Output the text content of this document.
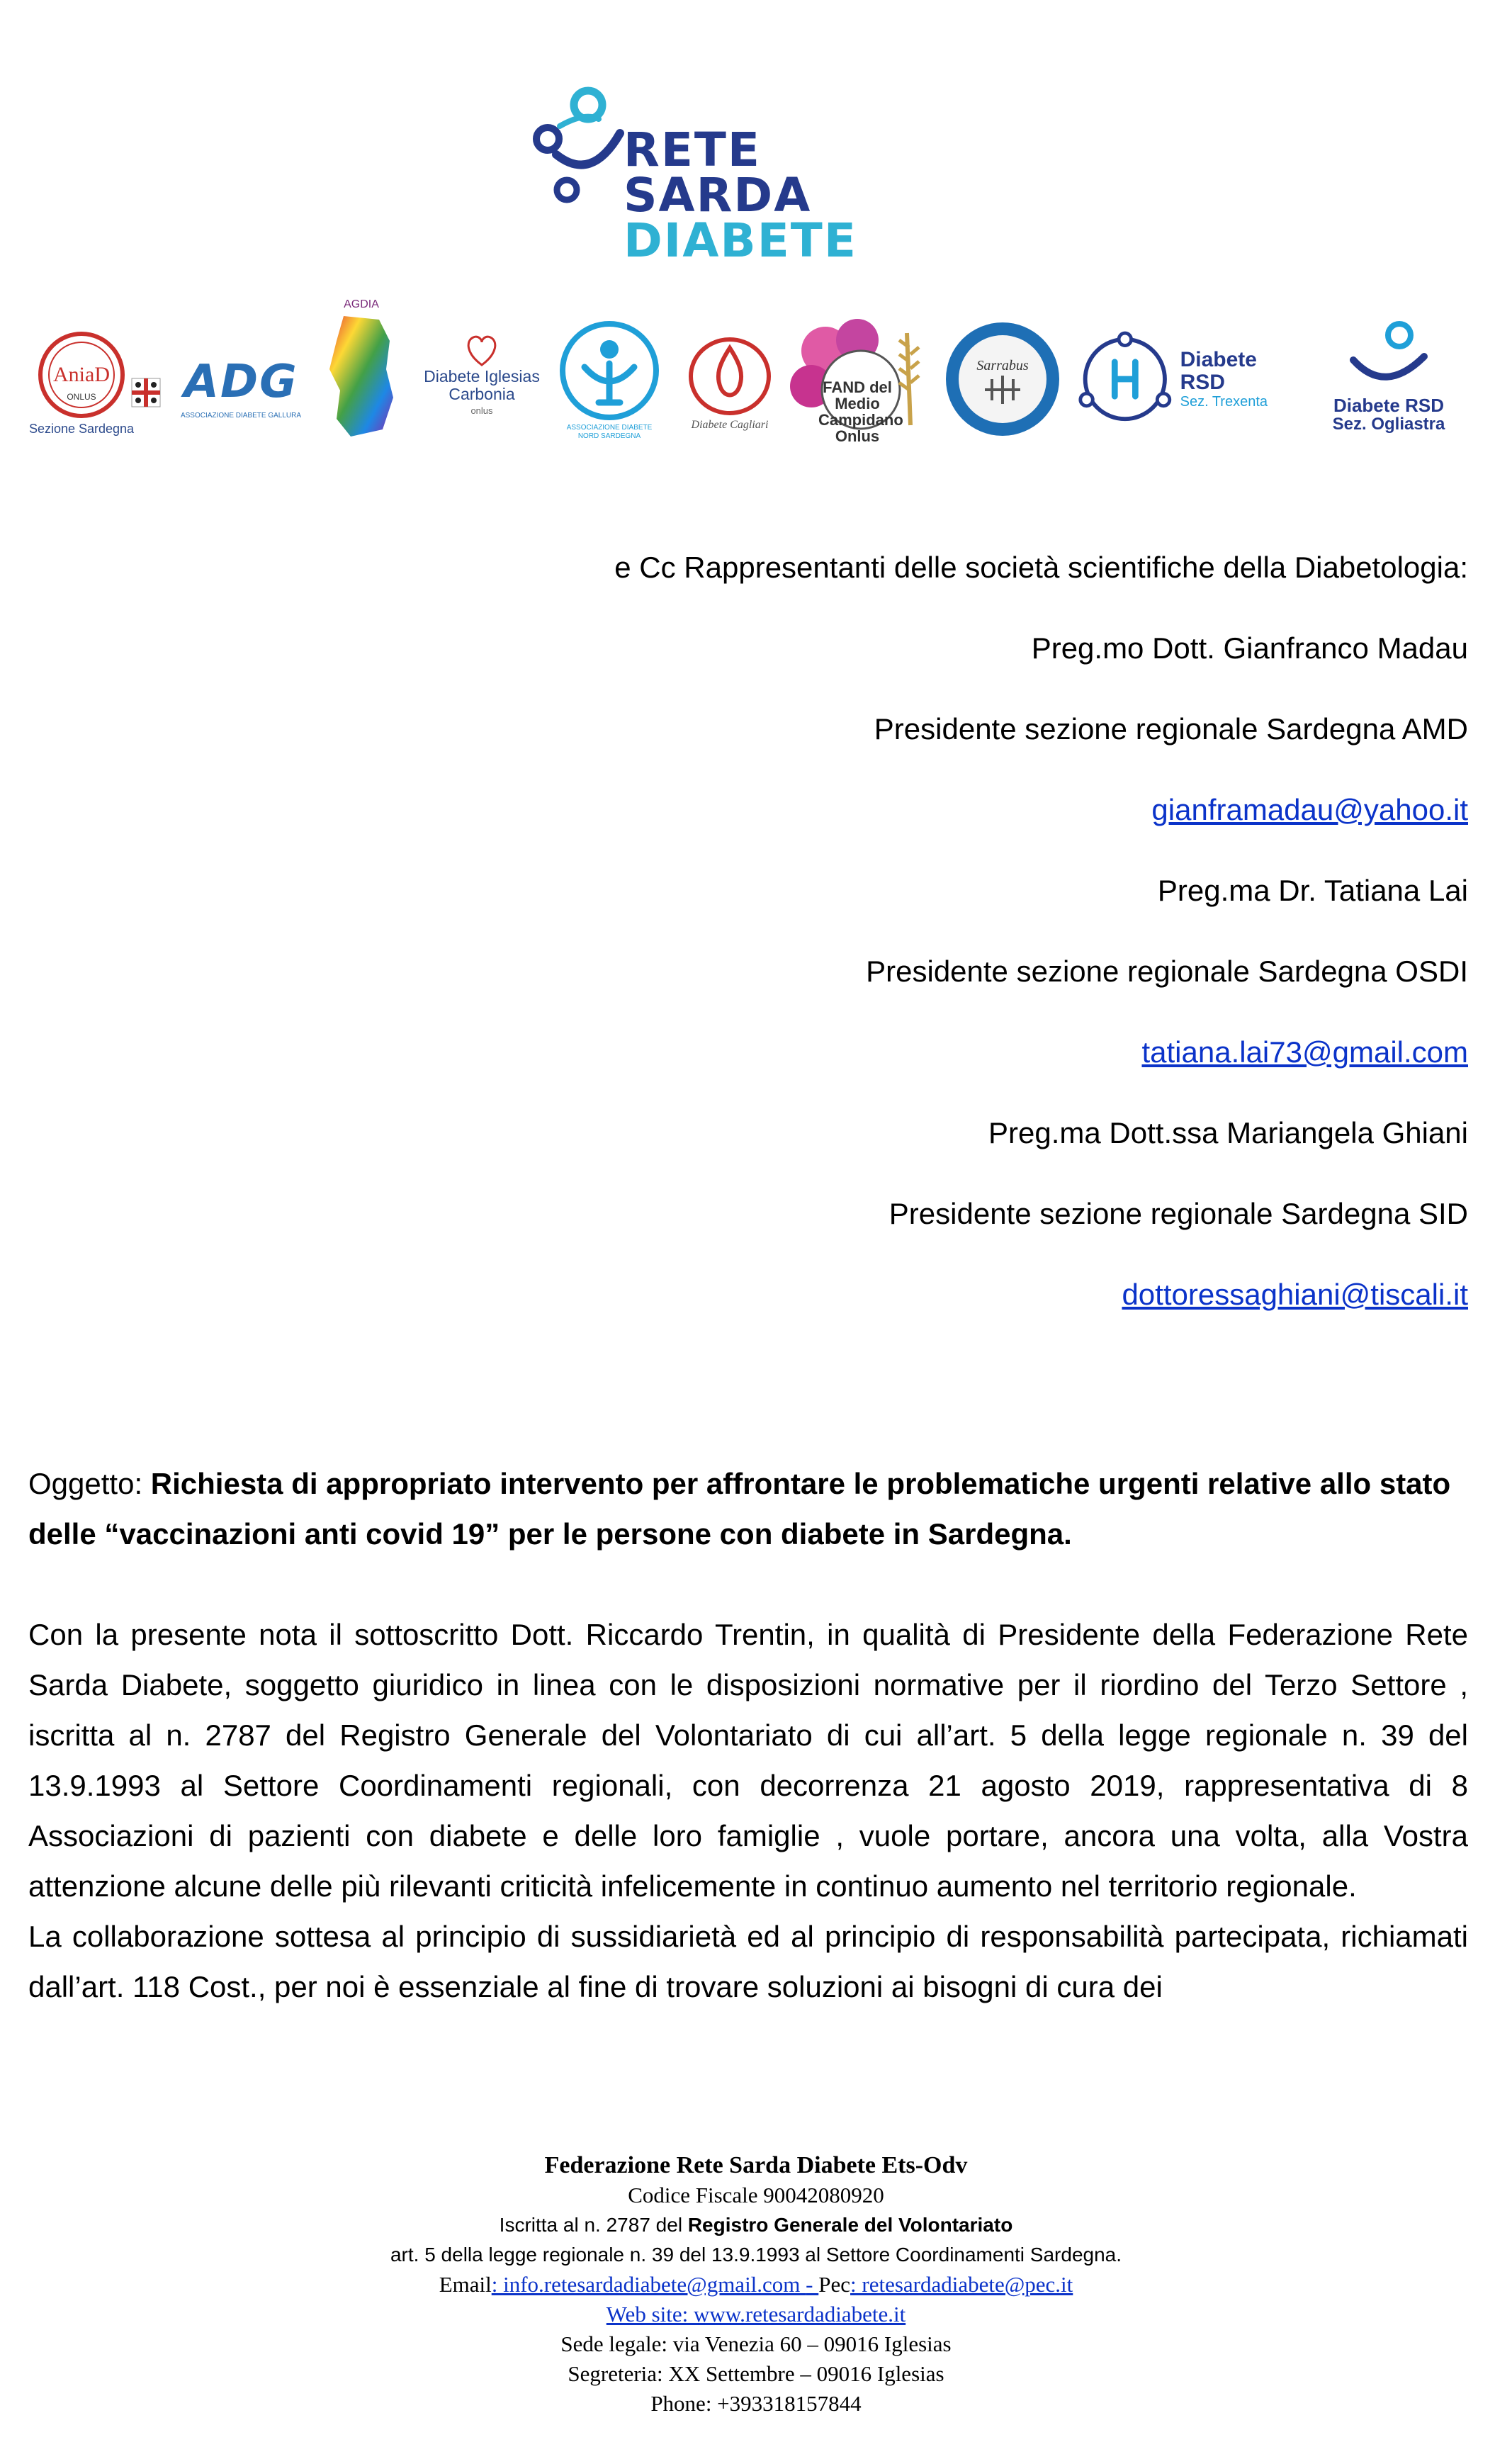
RETE
SARDA
DIABETE
AniaD
ONLUS
Sezione Sardegna
ADG
ASSOCIAZIONE DIABETE GALLURA
AGDIA
Diabete Iglesias Carbonia
onlus
ASSOCIAZIONE DIABETE NORD SARDEGNA
Diabete Cagliari
FAND del Medio Campidano Onlus
Sarrabus	Diabete RSD
Sez. Trexenta	Diabete RSD
Sez. Ogliastra
e Cc Rappresentanti delle società scientifiche della Diabetologia:
Preg.mo Dott. Gianfranco Madau
Presidente sezione regionale Sardegna AMD
gianframadau@yahoo.it
Preg.ma Dr. Tatiana Lai
Presidente sezione regionale Sardegna OSDI
tatiana.lai73@gmail.com
Preg.ma Dott.ssa Mariangela Ghiani
Presidente sezione regionale Sardegna SID
dottoressaghiani@tiscali.it

Oggetto: Richiesta di appropriato intervento per affrontare le problematiche urgenti relative allo stato delle “vaccinazioni anti covid 19” per le persone con diabete in Sardegna.

Con la presente nota il sottoscritto Dott. Riccardo Trentin, in qualità di Presidente della Federazione Rete Sarda Diabete, soggetto giuridico in linea con le disposizioni normative per il riordino del Terzo Settore , iscritta al n. 2787 del Registro Generale del Volontariato di cui all’art. 5 della legge regionale n. 39 del 13.9.1993 al Settore Coordinamenti regionali, con decorrenza 21 agosto 2019, rappresentativa di 8 Associazioni di pazienti con diabete e delle loro famiglie , vuole portare, ancora una volta, alla Vostra attenzione alcune delle più rilevanti criticità infelicemente in continuo aumento nel territorio regionale.

La collaborazione sottesa al principio di sussidiarietà ed al principio di responsabilità partecipata, richiamati dall’art. 118 Cost., per noi è essenziale al fine di trovare soluzioni ai bisogni di cura dei

Federazione Rete Sarda Diabete Ets-Odv
Codice Fiscale 90042080920
Iscritta al n. 2787 del Registro Generale del Volontariato
art. 5 della legge regionale n. 39 del 13.9.1993 al Settore Coordinamenti Sardegna.
Email: info.retesardadiabete@gmail.com - Pec: retesardadiabete@pec.it
Web site: www.retesardadiabete.it
Sede legale: via Venezia 60 – 09016 Iglesias
Segreteria: XX Settembre – 09016 Iglesias
Phone: +393318157844
